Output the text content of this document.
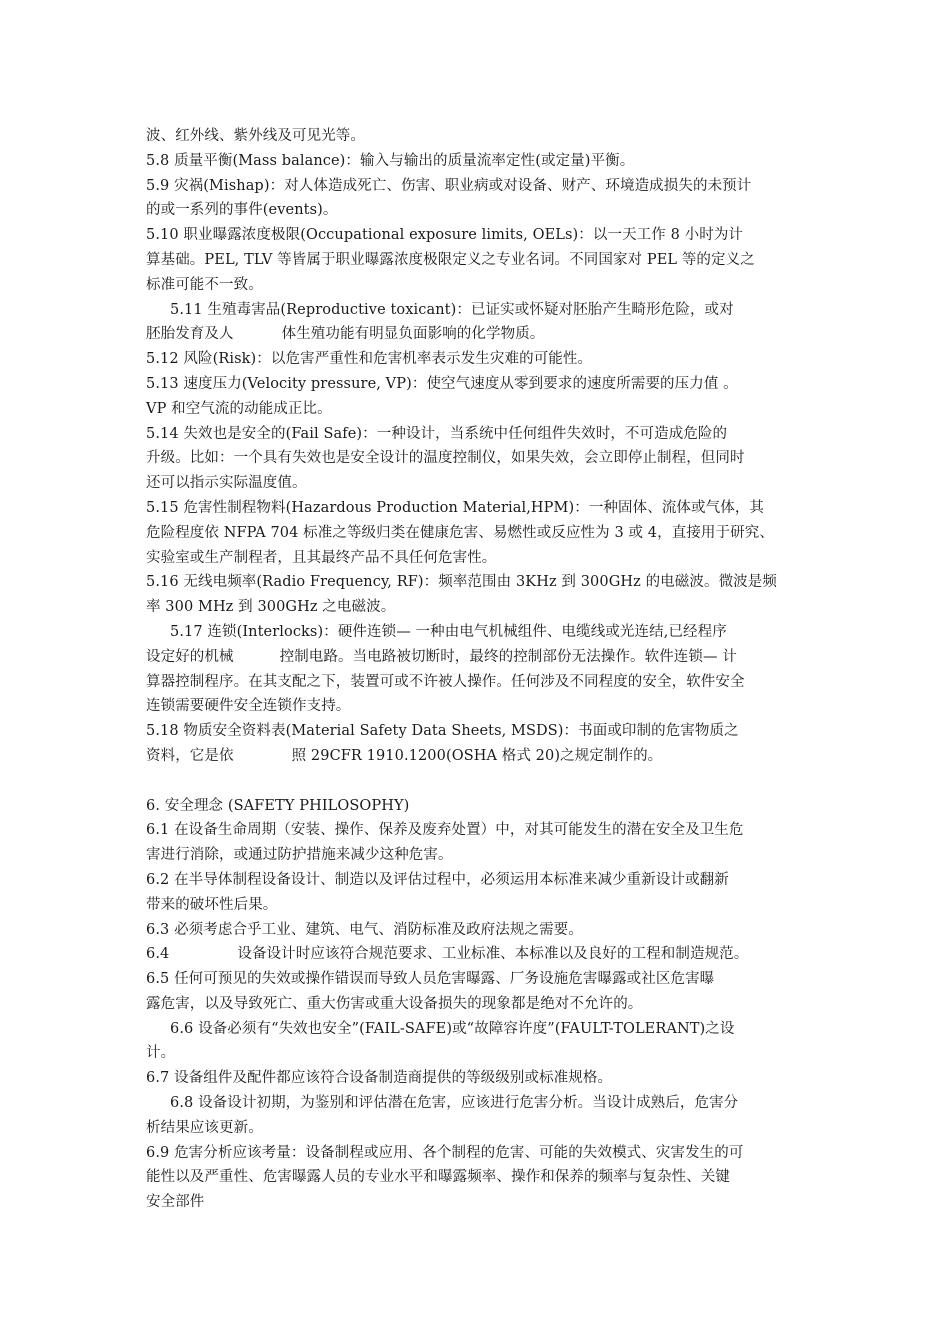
波、红外线、紫外线及可见光等。
5.8 质量平衡(Mass balance)：输入与输出的质量流率定性(或定量)平衡。
5.9 灾祸(Mishap)：对人体造成死亡、伤害、职业病或对设备、财产、环境造成损失的未预计
的或一系列的事件(events)。
5.10 职业曝露浓度极限(Occupational exposure limits, OELs)：以一天工作 8 小时为计
算基础。PEL, TLV 等皆属于职业曝露浓度极限定义之专业名词。不同国家对 PEL 等的定义之
标准可能不一致。
5.11 生殖毒害品(Reproductive toxicant)：已证实或怀疑对胚胎产生畸形危险，或对
胚胎发育及人	体生殖功能有明显负面影响的化学物质。
5.12 风险(Risk)：以危害严重性和危害机率表示发生灾难的可能性。
5.13 速度压力(Velocity pressure, VP)：使空气速度从零到要求的速度所需要的压力值 。
VP 和空气流的动能成正比。
5.14 失效也是安全的(Fail Safe)：一种设计，当系统中任何组件失效时，不可造成危险的
升级。比如：一个具有失效也是安全设计的温度控制仪，如果失效，会立即停止制程，但同时
还可以指示实际温度值。
5.15 危害性制程物料(Hazardous Production Material,HPM)：一种固体、流体或气体，其
危险程度依 NFPA 704 标准之等级归类在健康危害、易燃性或反应性为 3 或 4，直接用于研究、
实验室或生产制程者，且其最终产品不具任何危害性。
5.16 无线电频率(Radio Frequency, RF)：频率范围由 3KHz 到 300GHz 的电磁波。微波是频
率 300 MHz 到 300GHz 之电磁波。
5.17 连锁(Interlocks)：硬件连锁— 一种由电气机械组件、电缆线或光连结,已经程序
设定好的机械	控制电路。当电路被切断时，最终的控制部份无法操作。软件连锁— 计
算器控制程序。在其支配之下，装置可或不许被人操作。任何涉及不同程度的安全，软件安全
连锁需要硬件安全连锁作支持。
5.18 物质安全资料表(Material Safety Data Sheets, MSDS)：书面或印制的危害物质之
资料，它是依	照 29CFR 1910.1200(OSHA 格式 20)之规定制作的。
6. 安全理念 (SAFETY PHILOSOPHY)
6.1 在设备生命周期（安装、操作、保养及废弃处置）中，对其可能发生的潜在安全及卫生危
害进行消除，或通过防护措施来减少这种危害。
6.2 在半导体制程设备设计、制造以及评估过程中，必须运用本标准来减少重新设计或翻新
带来的破坏性后果。
6.3 必须考虑合乎工业、建筑、电气、消防标准及政府法规之需要。
6.4	设备设计时应该符合规范要求、工业标准、本标准以及良好的工程和制造规范。
6.5 任何可预见的失效或操作错误而导致人员危害曝露、厂务设施危害曝露或社区危害曝
露危害，以及导致死亡、重大伤害或重大设备损失的现象都是绝对不允许的。
6.6 设备必须有“失效也安全”(FAIL-SAFE)或“故障容许度”(FAULT-TOLERANT)之设
计。
6.7 设备组件及配件都应该符合设备制造商提供的等级级别或标准规格。
6.8 设备设计初期，为鉴别和评估潜在危害，应该进行危害分析。当设计成熟后，危害分
析结果应该更新。
6.9 危害分析应该考量：设备制程或应用、各个制程的危害、可能的失效模式、灾害发生的可
能性以及严重性、危害曝露人员的专业水平和曝露频率、操作和保养的频率与复杂性、关键
安全部件
